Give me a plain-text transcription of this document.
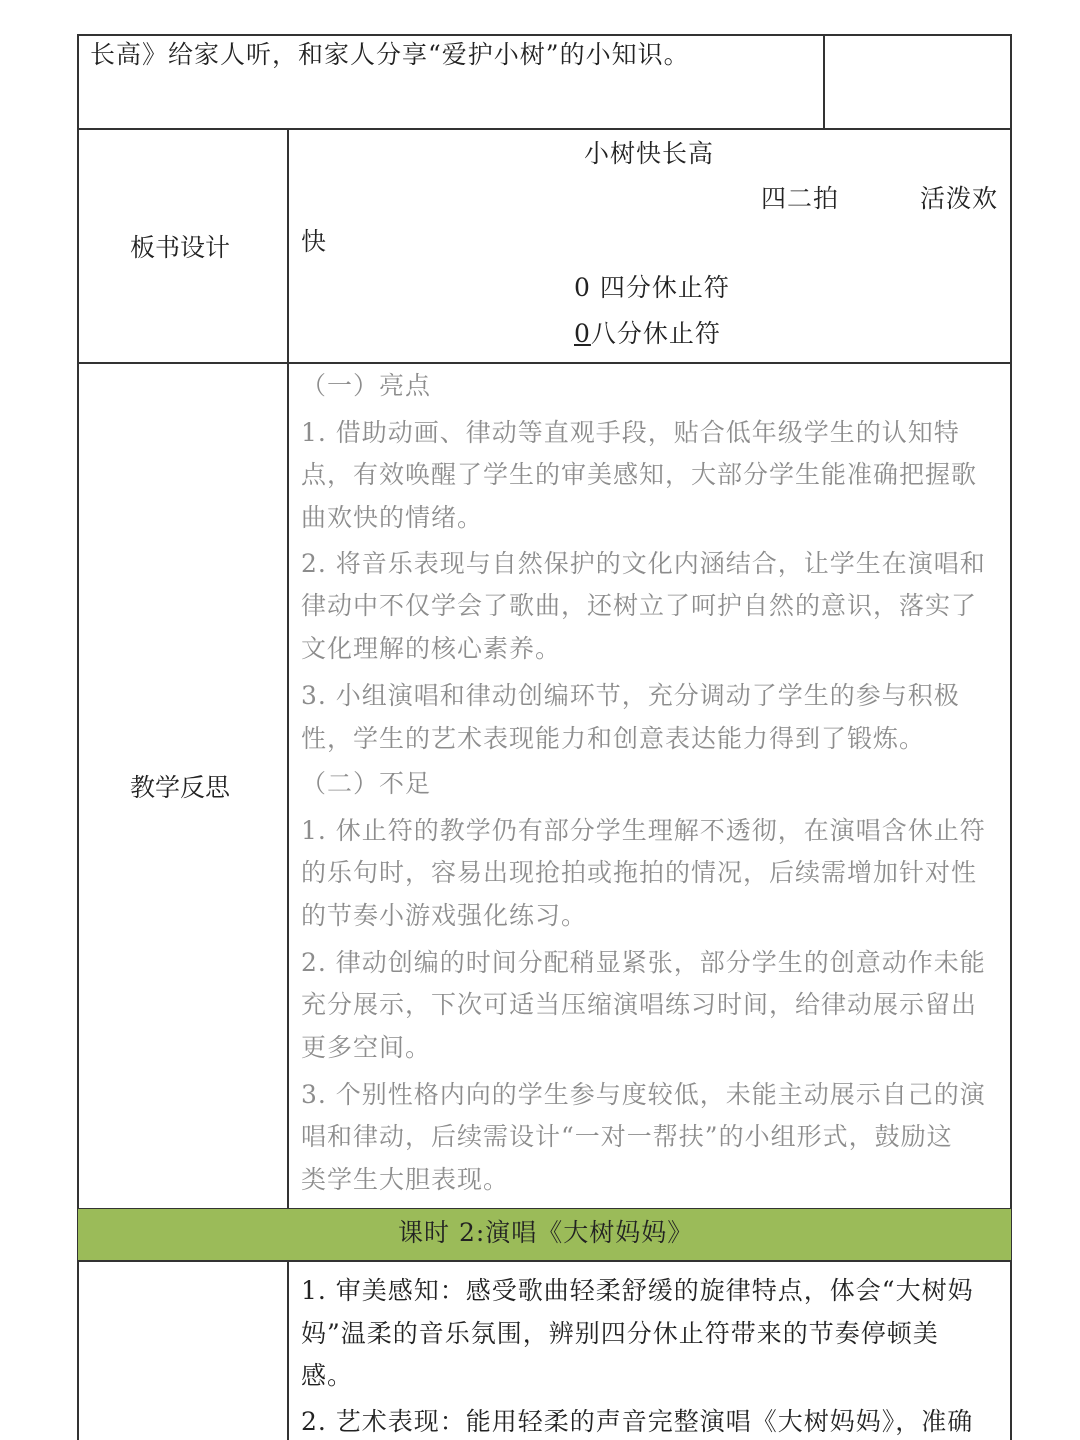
长高》给家人听，和家人分享“爱护小树”的小知识。
板书设计
小树快长高
四二拍	活泼欢
快
0 四分休止符
0八分休止符
教学反思
（一）亮点
1. 借助动画、律动等直观手段，贴合低年级学生的认知特
点，有效唤醒了学生的审美感知，大部分学生能准确把握歌
曲欢快的情绪。
2. 将音乐表现与自然保护的文化内涵结合，让学生在演唱和
律动中不仅学会了歌曲，还树立了呵护自然的意识，落实了
文化理解的核心素养。
3. 小组演唱和律动创编环节，充分调动了学生的参与积极
性，学生的艺术表现能力和创意表达能力得到了锻炼。
（二）不足
1. 休止符的教学仍有部分学生理解不透彻，在演唱含休止符
的乐句时，容易出现抢拍或拖拍的情况，后续需增加针对性
的节奏小游戏强化练习。
2. 律动创编的时间分配稍显紧张，部分学生的创意动作未能
充分展示，下次可适当压缩演唱练习时间，给律动展示留出
更多空间。
3. 个别性格内向的学生参与度较低，未能主动展示自己的演
唱和律动，后续需设计“一对一帮扶”的小组形式，鼓励这
类学生大胆表现。
课时 2:演唱《大树妈妈》
1. 审美感知：感受歌曲轻柔舒缓的旋律特点，体会“大树妈
妈”温柔的音乐氛围，辨别四分休止符带来的节奏停顿美
感。
2. 艺术表现：能用轻柔的声音完整演唱《大树妈妈》，准确
